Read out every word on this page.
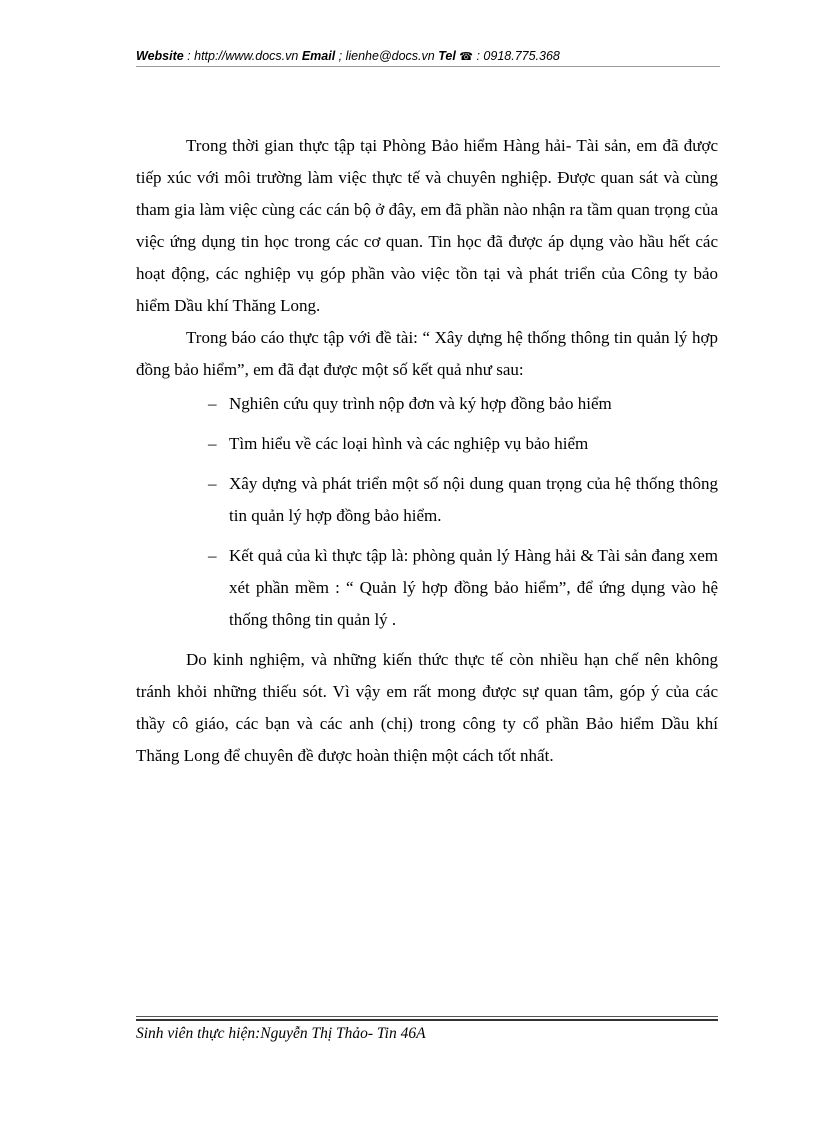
Website : http://www.docs.vn Email ; lienhe@docs.vn Tel ☎ : 0918.775.368

Trong thời gian thực tập tại Phòng Bảo hiểm Hàng hải- Tài sản, em đã được tiếp xúc với môi trường làm việc thực tế và chuyên nghiệp. Được quan sát và cùng tham gia làm việc cùng các cán bộ ở đây, em đã phần nào nhận ra tầm quan trọng của việc ứng dụng tin học trong các cơ quan. Tin học đã được áp dụng vào hầu hết các hoạt động, các nghiệp vụ góp phần vào việc tồn tại và phát triển của Công ty bảo hiểm Dầu khí Thăng Long.

Trong báo cáo thực tập với đề tài: “ Xây dựng hệ thống thông tin quản lý hợp đồng bảo hiểm”, em đã đạt được một số kết quả như sau:

– Nghiên cứu quy trình nộp đơn và ký hợp đồng bảo hiểm
– Tìm hiểu về các loại hình và các nghiệp vụ bảo hiểm
– Xây dựng và phát triển một số nội dung quan trọng của hệ thống thông tin quản lý hợp đồng bảo hiểm.
– Kết quả của kì thực tập là: phòng quản lý Hàng hải & Tài sản đang xem xét phần mềm : “ Quản lý hợp đồng bảo hiểm”, để ứng dụng vào hệ thống thông tin quản lý .

Do kinh nghiệm, và những kiến thức thực tế còn nhiều hạn chế nên không tránh khỏi những thiếu sót. Vì vậy em rất mong được sự quan tâm, góp ý của các thầy cô giáo, các bạn và các anh (chị) trong công ty cổ phần Bảo hiểm Dầu khí Thăng Long để chuyên đề được hoàn thiện một cách tốt nhất.

Sinh viên thực hiện:Nguyễn Thị Thảo- Tin 46A
